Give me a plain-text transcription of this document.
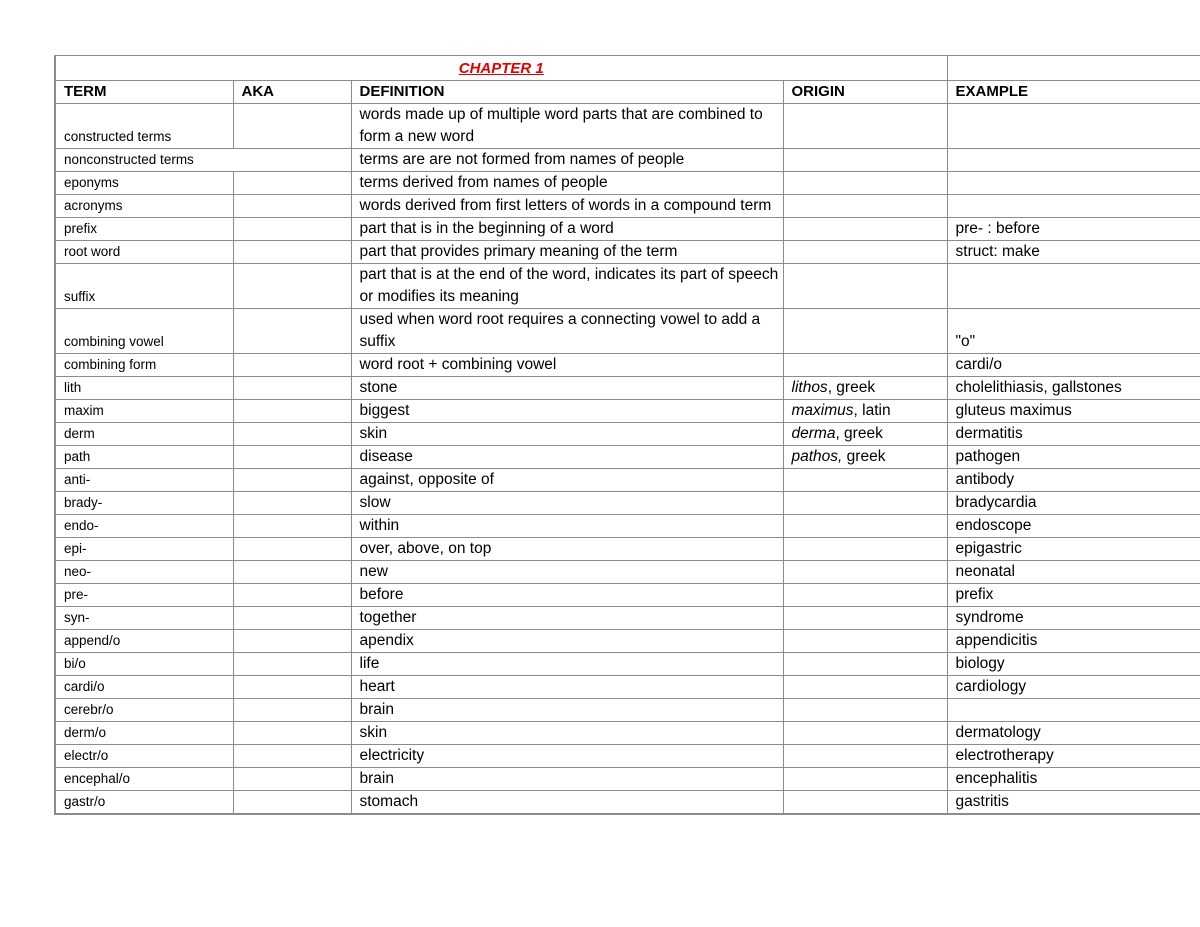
CHAPTER 1				
TERM	AKA	DEFINITION	ORIGIN	EXAMPLE
constructed terms		words made up of multiple word parts that are combined to form a new word		
nonconstructed terms		terms are are not formed from names of people		
eponyms		terms derived from names of people		
acronyms		words derived from first letters of words in a compound term		
prefix		part that is in the beginning of a word		pre- : before
root word		part that provides primary meaning of the term		struct: make
suffix		part that is at the end of the word, indicates its part of speech or modifies its meaning		
combining vowel		used when word root requires a connecting vowel to add a suffix		"o"
combining form		word root + combining vowel		cardi/o
lith		stone	lithos, greek	cholelithiasis, gallstones
maxim		biggest	maximus, latin	gluteus maximus
derm		skin	derma, greek	dermatitis
path		disease	pathos, greek	pathogen
anti-		against, opposite of		antibody
brady-		slow		bradycardia
endo-		within		endoscope
epi-		over, above, on top		epigastric
neo-		new		neonatal
pre-		before		prefix
syn-		together		syndrome
append/o		apendix		appendicitis
bi/o		life		biology
cardi/o		heart		cardiology
cerebr/o		brain		
derm/o		skin		dermatology
electr/o		electricity		electrotherapy
encephal/o		brain		encephalitis
gastr/o		stomach		gastritis
